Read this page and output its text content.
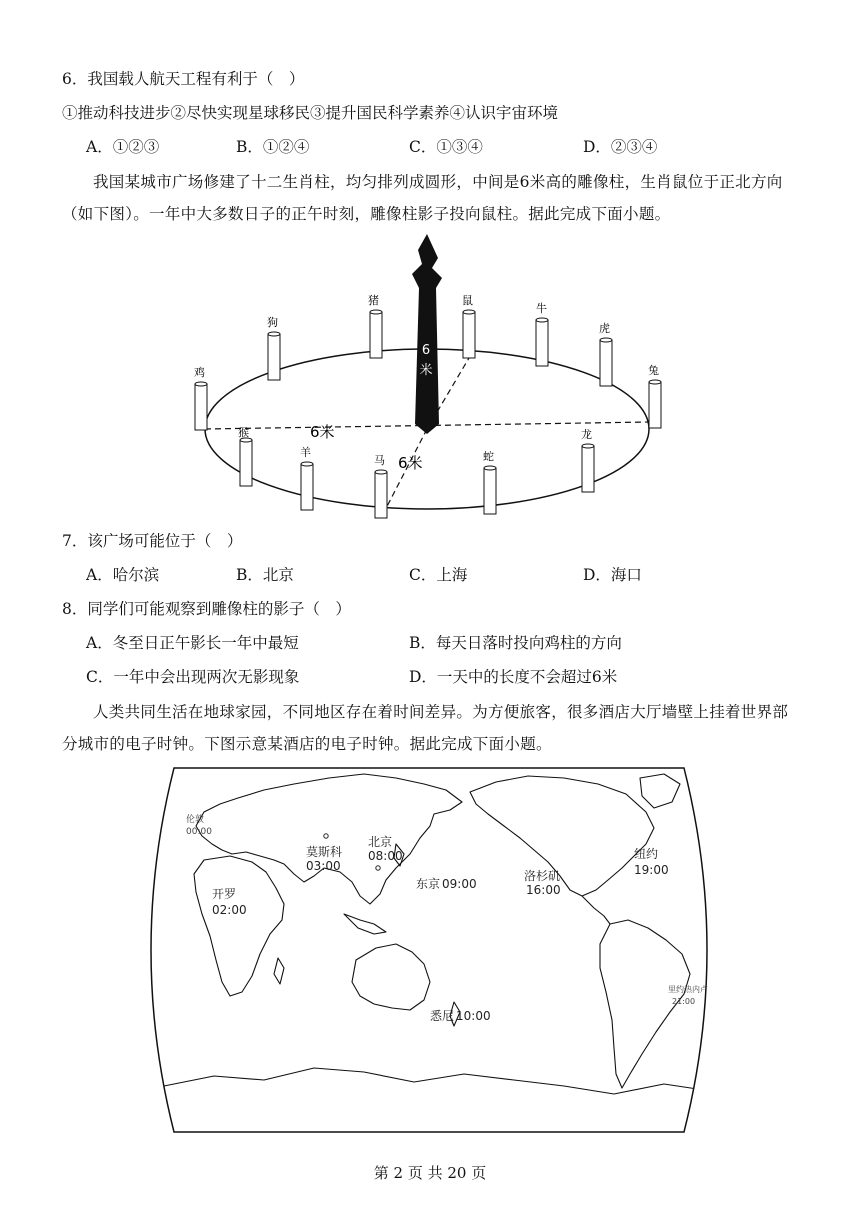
6．我国载人航天工程有利于（　）
①推动科技进步②尽快实现星球移民③提升国民科学素养④认识宇宙环境
A．①②③	B．①②④	C．①③④	D．②③④
我国某城市广场修建了十二生肖柱，均匀排列成圆形，中间是6米高的雕像柱，生肖鼠位于正北方向（如下图）。一年中大多数日子的正午时刻，雕像柱影子投向鼠柱。据此完成下面小题。
猪	鼠
牛
虎
兔
龙
蛇
马
羊
猴
鸡
狗
6
米
6米
6米
7．该广场可能位于（　）
A．哈尔滨	B．北京	C．上海	D．海口
8．同学们可能观察到雕像柱的影子（　）
A．冬至日正午影长一年中最短	B．每天日落时投向鸡柱的方向
C．一年中会出现两次无影现象	D．一天中的长度不会超过6米
人类共同生活在地球家园，不同地区存在着时间差异。为方便旅客，很多酒店大厅墙壁上挂着世界部分城市的电子时钟。下图示意某酒店的电子时钟。据此完成下面小题。
伦敦
00:00
莫斯科
03:00
北京
08:00
开罗
02:00
东京 09:00
洛杉矶
16:00
纽约
19:00
悉尼 10:00
里约热内卢
21:00
第 2 页 共 20 页
